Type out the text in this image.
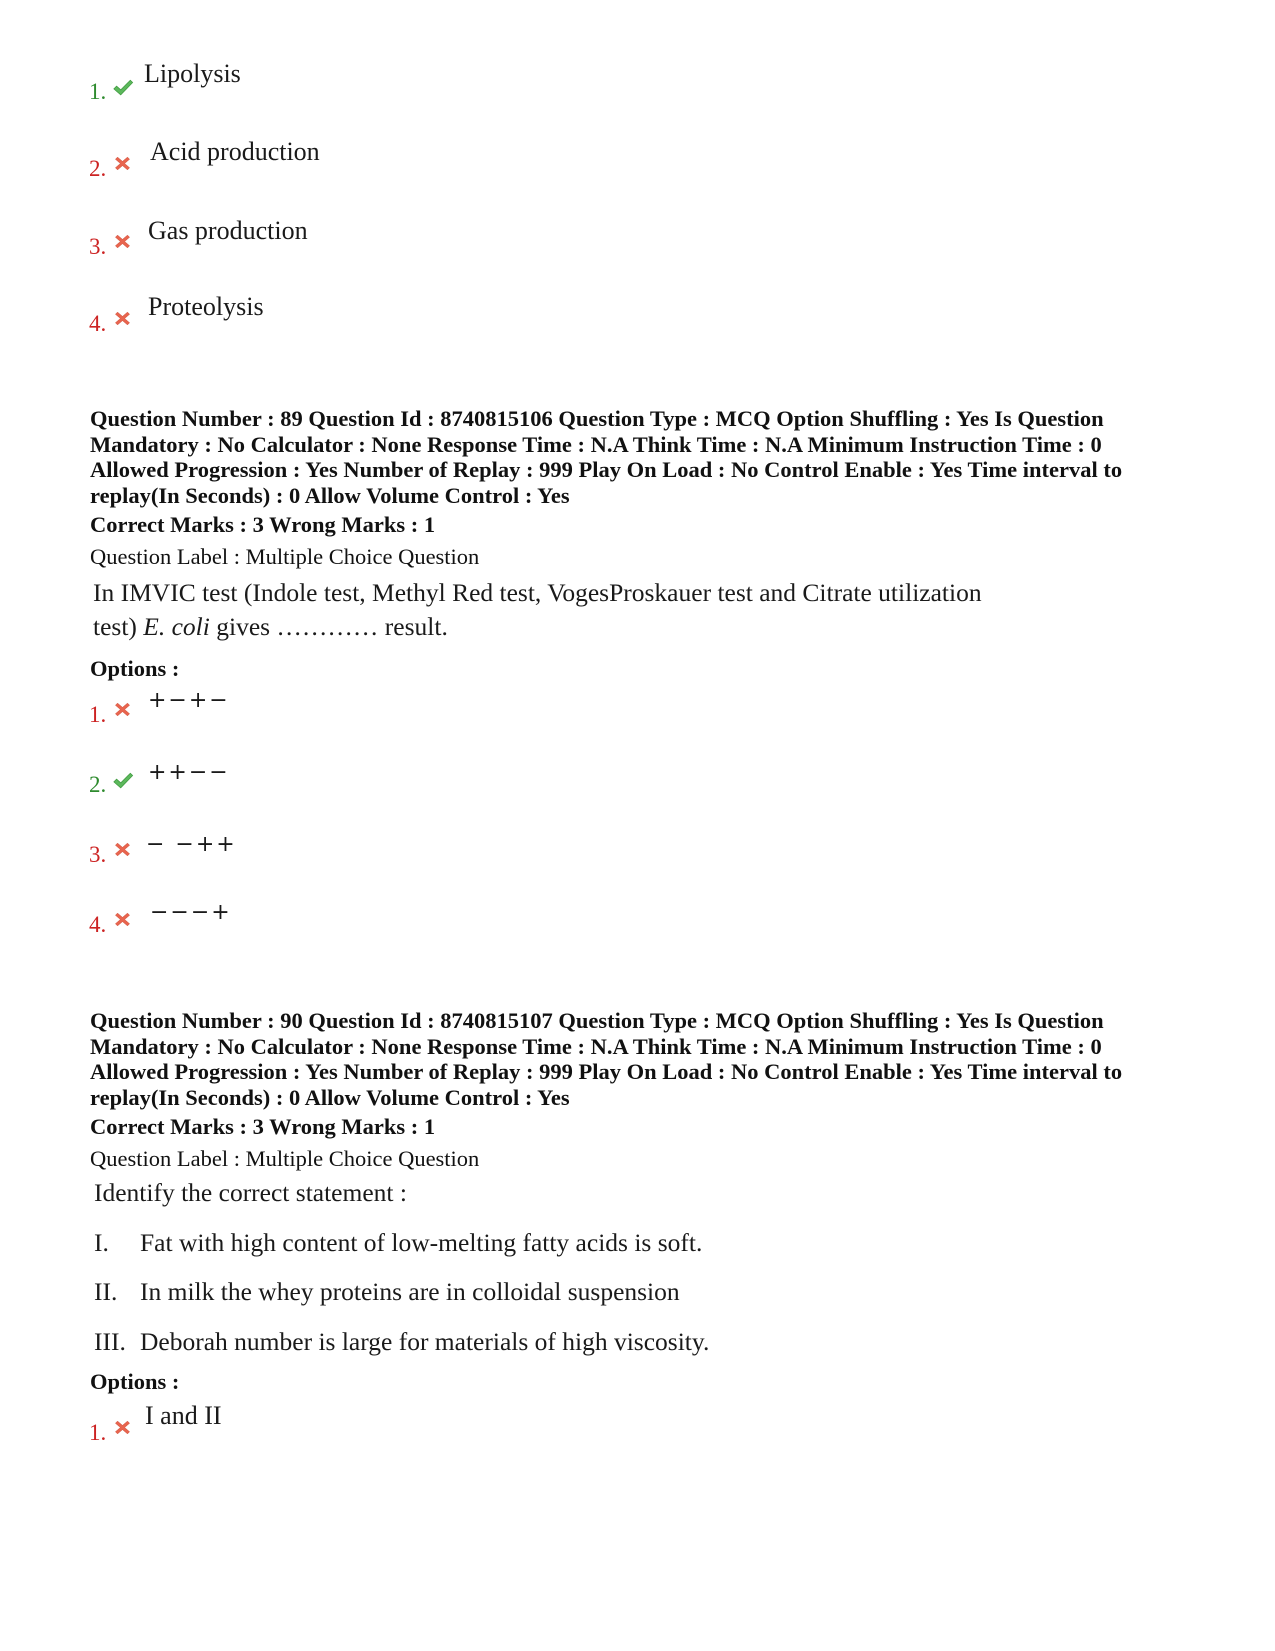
1.
Lipolysis
2.
Acid production
3.
Gas production
4.
Proteolysis
Question Number : 89 Question Id : 8740815106 Question Type : MCQ Option Shuffling : Yes Is Question
Mandatory : No Calculator : None Response Time : N.A Think Time : N.A Minimum Instruction Time : 0
Allowed Progression : Yes Number of Replay : 999 Play On Load : No Control Enable : Yes Time interval to
replay(In Seconds) : 0 Allow Volume Control : Yes
Correct Marks : 3 Wrong Marks : 1
Question Label : Multiple Choice Question
In IMVIC test (Indole test, Methyl Red test, VogesProskauer test and Citrate utilization
test) E. coli gives ………… result.
Options :
1.
+−+−
2. ++−−
3. − −++
4. −−−+
Question Number : 90 Question Id : 8740815107 Question Type : MCQ Option Shuffling : Yes Is Question
Mandatory : No Calculator : None Response Time : N.A Think Time : N.A Minimum Instruction Time : 0
Allowed Progression : Yes Number of Replay : 999 Play On Load : No Control Enable : Yes Time interval to
replay(In Seconds) : 0 Allow Volume Control : Yes
Correct Marks : 3 Wrong Marks : 1
Question Label : Multiple Choice Question
Identify the correct statement :
I. Fat with high content of low-melting fatty acids is soft.
II. In milk the whey proteins are in colloidal suspension
III. Deborah number is large for materials of high viscosity.
Options :
1.
I and II
